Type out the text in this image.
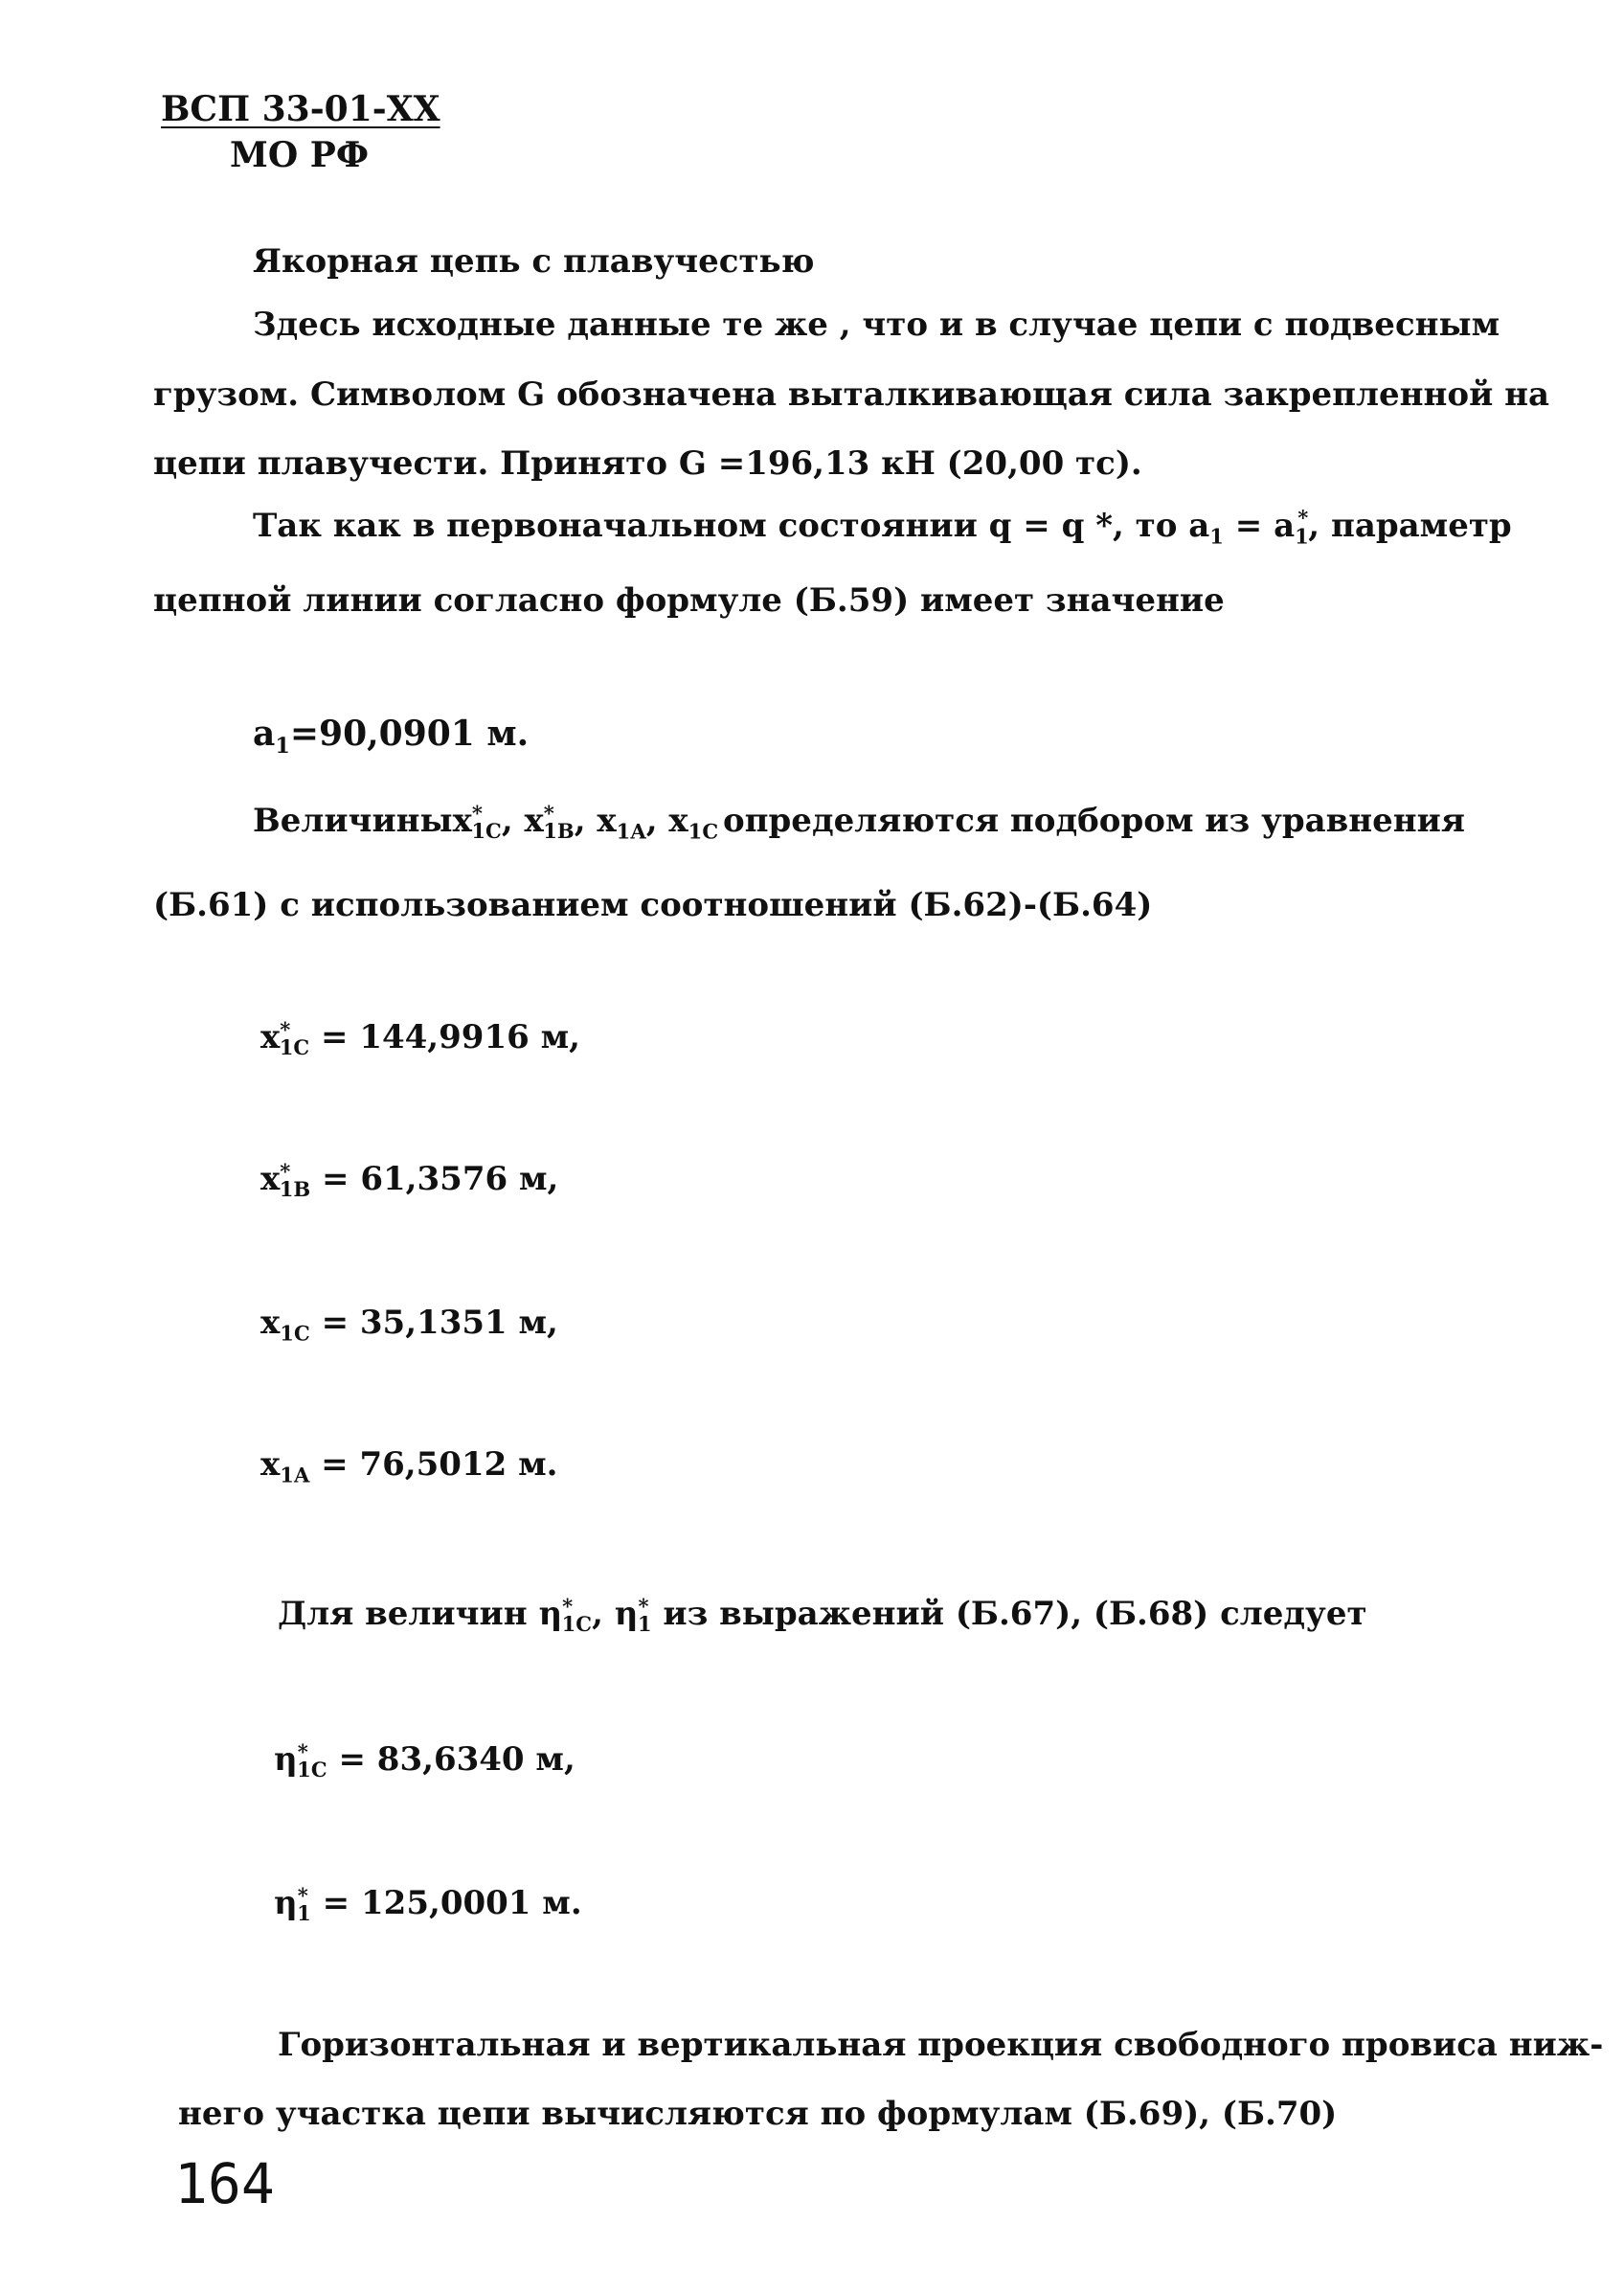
ВСП 33-01-ХХ
МО РФ
Якорная цепь с плавучестью
Здесь исходные данные те же , что и в случае цепи с подвесным
грузом. Символом G обозначена выталкивающая сила закрепленной на
цепи плавучести. Принято G =196,13 кН (20,00 тс).
Так как в первоначальном состоянии q = q *, то $a_1 = a_1^*$, параметр
цепной линии согласно формуле (Б.59) имеет значение
$a_1=90,0901$ м.
Величины $x^*_{1C}$, $x^*_{1B}$, $x_{1A}$, $x_{1C}$ определяются подбором из уравнения
(Б.61) с использованием соотношений (Б.62)-(Б.64)
$x^*_{1C} = 144,9916$ м,
$x^*_{1B} = 61,3576$ м,
$x_{1C} = 35,1351$ м,
$x_{1A} = 76,5012$ м.
Для величин $\eta^*_{1C}$, $\eta^*_1$ из выражений (Б.67), (Б.68) следует
$\eta^*_{1C} = 83,6340$ м,
$\eta^*_1 = 125,0001$ м.
Горизонтальная и вертикальная проекция свободного провиса ниж-
него участка цепи вычисляются по формулам (Б.69), (Б.70)
164
